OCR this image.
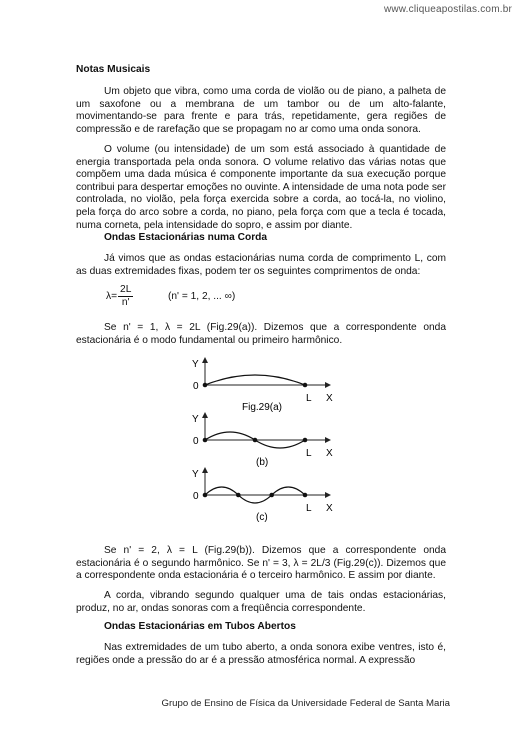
www.cliqueapostilas.com.br
Notas Musicais
Um objeto que vibra, como uma corda de violão ou de piano, a palheta de um saxofone ou a membrana de um tambor ou de um alto-falante, movimentando-se para frente e para trás, repetidamente, gera regiões de compressão e de rarefação que se propagam no ar como uma onda sonora.
O volume (ou intensidade) de um som está associado à quantidade de energia transportada pela onda sonora. O volume relativo das várias notas que compõem uma dada música é componente importante da sua execução porque contribui para despertar emoções no ouvinte. A intensidade de uma nota pode ser controlada, no violão, pela força exercida sobre a corda, ao tocá-la, no violino, pela força do arco sobre a corda, no piano, pela força com que a tecla é tocada, numa corneta, pela intensidade do sopro, e assim por diante.
Ondas Estacionárias numa Corda
Já vimos que as ondas estacionárias numa corda de comprimento L, com as duas extremidades fixas, podem ter os seguintes comprimentos de onda:
$\lambda= \frac{2L}{n'}$	(n' = 1, 2, ... ∞)
Se n' = 1, λ = 2L (Fig.29(a)). Dizemos que a correspondente onda estacionária é o modo fundamental ou primeiro harmônico.
Y
0
L X
Fig.29(a)
Y
0
L X
(b)
Y
0
L X
(c)
Se n' = 2, λ = L (Fig.29(b)). Dizemos que a correspondente onda estacionária é o segundo harmônico. Se n' = 3, λ = 2L/3 (Fig.29(c)). Dizemos que a correspondente onda estacionária é o terceiro harmônico. E assim por diante.
A corda, vibrando segundo qualquer uma de tais ondas estacionárias, produz, no ar, ondas sonoras com a freqüência correspondente.
Ondas Estacionárias em Tubos Abertos
Nas extremidades de um tubo aberto, a onda sonora exibe ventres, isto é, regiões onde a pressão do ar é a pressão atmosférica normal. A expressão
Grupo de Ensino de Física da Universidade Federal de Santa Maria
